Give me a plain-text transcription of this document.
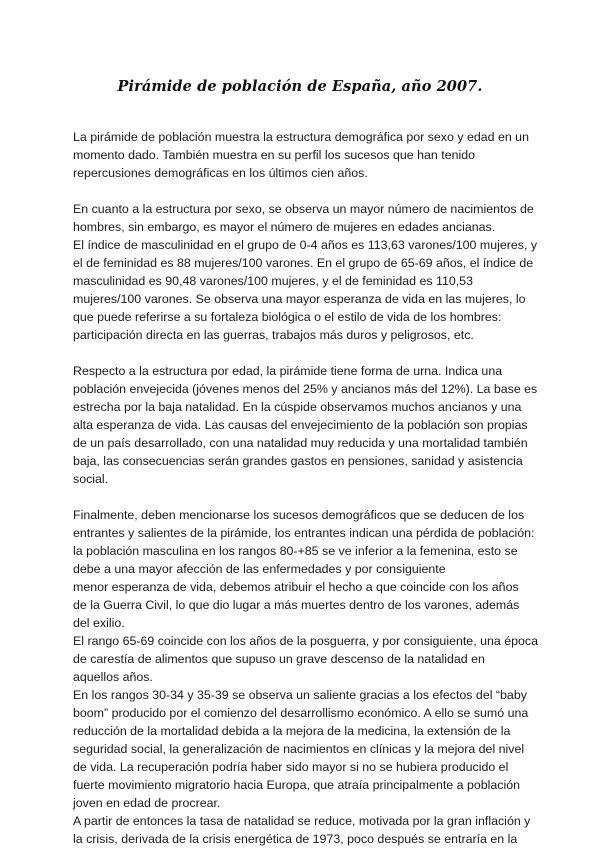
Pirámide de población de España, año 2007.

La pirámide de población muestra la estructura demográfica por sexo y edad en un
momento dado. También muestra en su perfil los sucesos que han tenido
repercusiones demográficas en los últimos cien años.

En cuanto a la estructura por sexo, se observa un mayor número de nacimientos de
hombres, sin embargo, es mayor el número de mujeres en edades ancianas.
El índice de masculinidad en el grupo de 0-4 años es 113,63 varones/100 mujeres, y
el de feminidad es 88 mujeres/100 varones. En el grupo de 65-69 años, el índice de
masculinidad es 90,48 varones/100 mujeres, y el de feminidad es 110,53
mujeres/100 varones. Se observa una mayor esperanza de vida en las mujeres, lo
que puede referirse a su fortaleza biológica o el estilo de vida de los hombres:
participación directa en las guerras, trabajos más duros y peligrosos, etc.

Respecto a la estructura por edad, la pirámide tiene forma de urna. Indica una
población envejecida (jóvenes menos del 25% y ancianos más del 12%). La base es
estrecha por la baja natalidad. En la cúspide observamos muchos ancianos y una
alta esperanza de vida. Las causas del envejecimiento de la población son propias
de un país desarrollado, con una natalidad muy reducida y una mortalidad también
baja, las consecuencias serán grandes gastos en pensiones, sanidad y asistencia
social.

Finalmente, deben mencionarse los sucesos demográficos que se deducen de los
entrantes y salientes de la pirámide, los entrantes indican una pérdida de población:
la población masculina en los rangos 80-+85 se ve inferior a la femenina, esto se
debe a una mayor afección de las enfermedades y por consiguiente
menor esperanza de vida, debemos atribuir el hecho a que coincide con los años
de la Guerra Civil, lo que dio lugar a más muertes dentro de los varones, además
del exilio.
El rango 65-69 coincide con los años de la posguerra, y por consiguiente, una época
de carestía de alimentos que supuso un grave descenso de la natalidad en
aquellos años.
En los rangos 30-34 y 35-39 se observa un saliente gracias a los efectos del “baby
boom” producido por el comienzo del desarrollismo económico. A ello se sumó una
reducción de la mortalidad debida a la mejora de la medicina, la extensión de la
seguridad social, la generalización de nacimientos en clínicas y la mejora del nivel
de vida. La recuperación podría haber sido mayor si no se hubiera producido el
fuerte movimiento migratorio hacia Europa, que atraía principalmente a población
joven en edad de procrear.
A partir de entonces la tasa de natalidad se reduce, motivada por la gran inflación y
la crisis, derivada de la crisis energética de 1973, poco después se entraría en la
